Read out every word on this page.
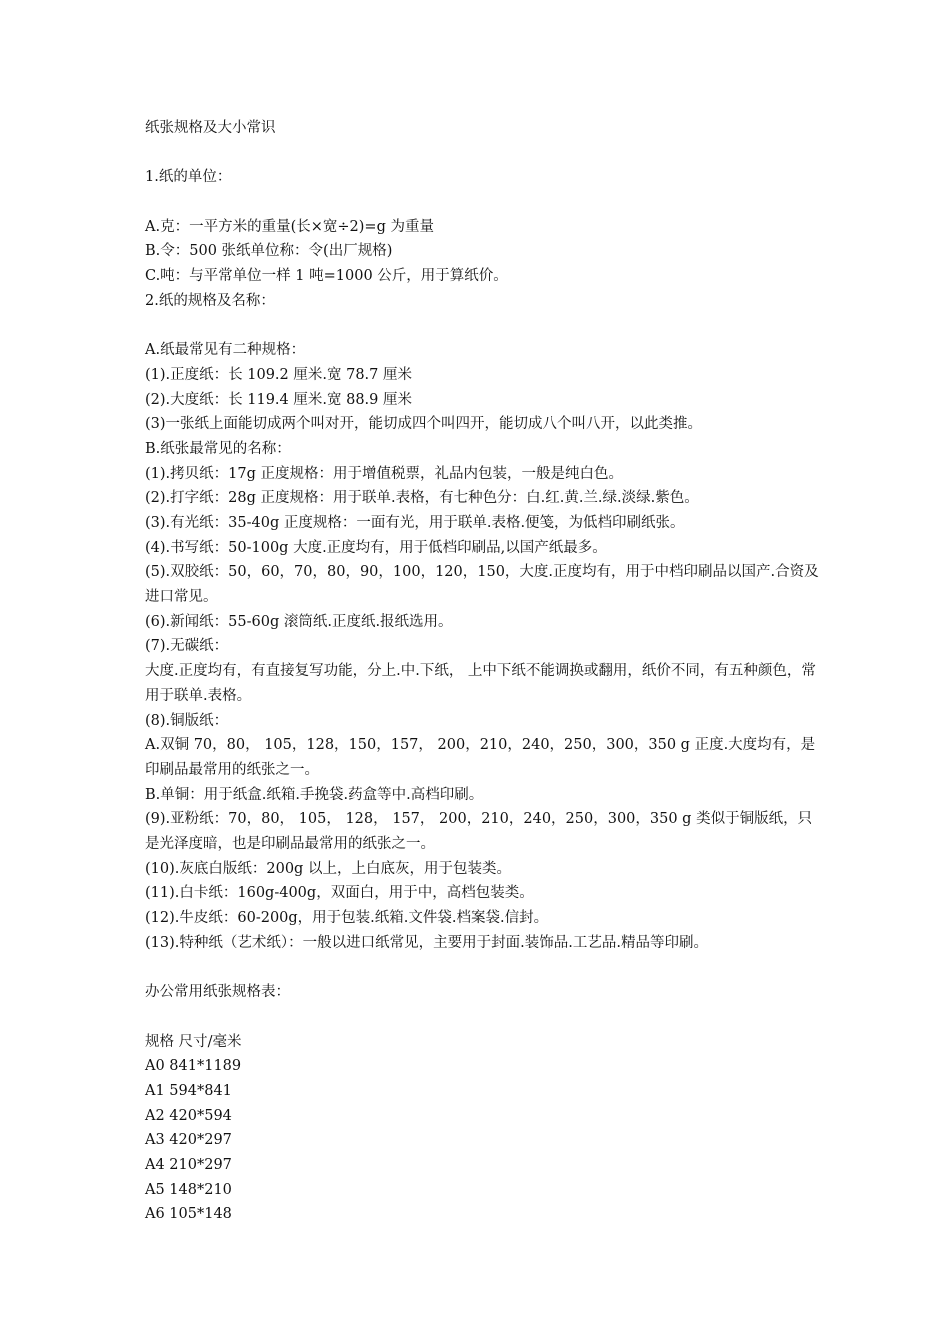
纸张规格及大小常识
1.纸的单位：
A.克：一平方米的重量(长×宽÷2)=g 为重量
B.令：500 张纸单位称：令(出厂规格)
C.吨：与平常单位一样 1 吨=1000 公斤，用于算纸价。
2.纸的规格及名称：
A.纸最常见有二种规格：
(1).正度纸：长 109.2 厘米.宽 78.7 厘米
(2).大度纸：长 119.4 厘米.宽 88.9 厘米
(3)一张纸上面能切成两个叫对开，能切成四个叫四开，能切成八个叫八开，以此类推。
B.纸张最常见的名称：
(1).拷贝纸：17g 正度规格：用于增值税票，礼品内包装，一般是纯白色。
(2).打字纸：28g 正度规格：用于联单.表格，有七种色分：白.红.黄.兰.绿.淡绿.紫色。
(3).有光纸：35-40g 正度规格：一面有光，用于联单.表格.便笺，为低档印刷纸张。
(4).书写纸：50-100g 大度.正度均有，用于低档印刷品,以国产纸最多。
(5).双胶纸：50，60，70，80，90，100，120，150，大度.正度均有，用于中档印刷品以国产.合资及进口常见。
(6).新闻纸：55-60g 滚筒纸.正度纸.报纸选用。
(7).无碳纸：
大度.正度均有，有直接复写功能，分上.中.下纸， 上中下纸不能调换或翻用，纸价不同，有五种颜色，常用于联单.表格。
(8).铜版纸：
A.双铜 70，80， 105，128，150，157， 200，210，240，250，300，350 g 正度.大度均有，是印刷品最常用的纸张之一。
B.单铜：用于纸盒.纸箱.手挽袋.药盒等中.高档印刷。
(9).亚粉纸：70，80， 105， 128， 157， 200，210，240，250，300，350 g 类似于铜版纸，只是光泽度暗，也是印刷品最常用的纸张之一。
(10).灰底白版纸：200g 以上，上白底灰，用于包装类。
(11).白卡纸：160g-400g，双面白，用于中，高档包装类。
(12).牛皮纸：60-200g，用于包装.纸箱.文件袋.档案袋.信封。
(13).特种纸（艺术纸）：一般以进口纸常见，主要用于封面.装饰品.工艺品.精品等印刷。
办公常用纸张规格表：
规格 尺寸/毫米
A0 841*1189
A1 594*841
A2 420*594
A3 420*297
A4 210*297
A5 148*210
A6 105*148
